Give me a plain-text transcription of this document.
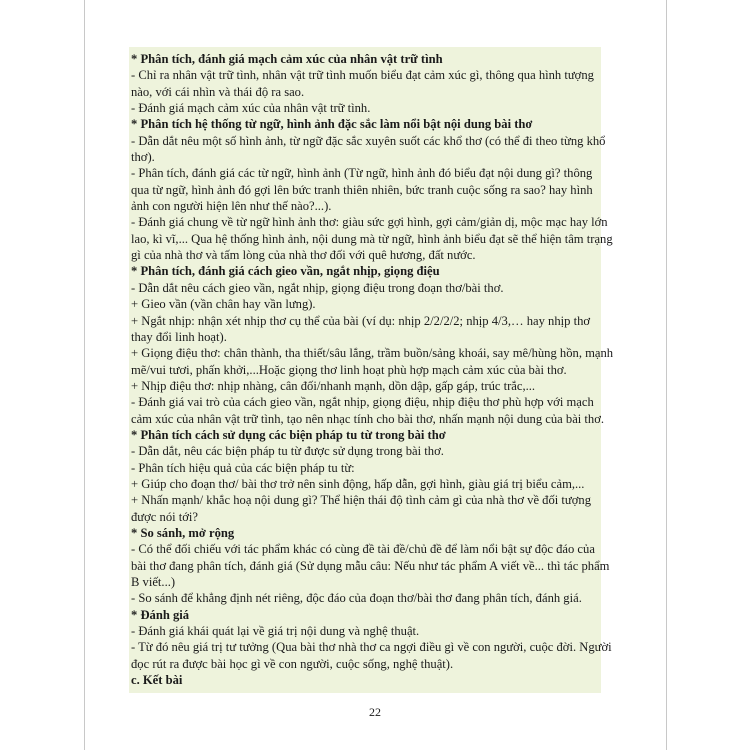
* Phân tích, đánh giá mạch cảm xúc của nhân vật trữ tình
- Chỉ ra nhân vật trữ tình, nhân vật trữ tình muốn biểu đạt cảm xúc gì, thông qua hình tượng
nào, với cái nhìn và thái độ ra sao.
- Đánh giá mạch cảm xúc của nhân vật trữ tình.
* Phân tích hệ thống từ ngữ, hình ảnh đặc sắc làm nổi bật nội dung bài thơ
- Dẫn dắt nêu một số hình ảnh, từ ngữ đặc sắc xuyên suốt các khổ thơ (có thể đi theo từng khổ
thơ).
- Phân tích, đánh giá các từ ngữ, hình ảnh (Từ ngữ, hình ảnh đó biểu đạt nội dung gì? thông
qua từ ngữ, hình ảnh đó gợi lên bức tranh thiên nhiên, bức tranh cuộc sống ra sao? hay hình
ảnh con người hiện lên như thế nào?...).
- Đánh giá chung về từ ngữ hình ảnh thơ: giàu sức gợi hình, gợi cảm/giản dị, mộc mạc hay lớn
lao, kì vĩ,... Qua hệ thống hình ảnh, nội dung mà từ ngữ, hình ảnh biểu đạt sẽ thể hiện tâm trạng
gì của nhà thơ và tấm lòng của nhà thơ đối với quê hương, đất nước.
* Phân tích, đánh giá cách gieo vần, ngắt nhịp, giọng điệu
- Dẫn dắt nêu cách gieo vần, ngắt nhịp, giọng điệu trong đoạn thơ/bài thơ.
+ Gieo vần (vần chân hay vần lưng).
+ Ngắt nhịp: nhận xét nhịp thơ cụ thể của bài (ví dụ: nhịp 2/2/2/2; nhịp 4/3,… hay nhịp thơ
thay đổi linh hoạt).
+ Giọng điệu thơ: chân thành, tha thiết/sâu lắng, trầm buồn/sảng khoái, say mê/hùng hồn, mạnh
mẽ/vui tươi, phấn khởi,...Hoặc giọng thơ linh hoạt phù hợp mạch cảm xúc của bài thơ.
+ Nhịp điệu thơ: nhịp nhàng, cân đối/nhanh mạnh, dồn dập, gấp gáp, trúc trắc,...
- Đánh giá vai trò của cách gieo vần, ngắt nhịp, giọng điệu, nhịp điệu thơ phù hợp với mạch
cảm xúc của nhân vật trữ tình, tạo nên nhạc tính cho bài thơ, nhấn mạnh nội dung của bài thơ.
* Phân tích cách sử dụng các biện pháp tu từ trong bài thơ
- Dẫn dắt, nêu các biện pháp tu từ được sử dụng trong bài thơ.
- Phân tích hiệu quả của các biện pháp tu từ:
+ Giúp cho đoạn thơ/ bài thơ trở nên sinh động, hấp dẫn, gợi hình, giàu giá trị biểu cảm,...
+ Nhấn mạnh/ khắc hoạ nội dung gì? Thể hiện thái độ tình cảm gì của nhà thơ về đối tượng
được nói tới?
* So sánh, mở rộng
- Có thể đối chiếu với tác phẩm khác có cùng đề tài đề/chủ đề để làm nổi bật sự độc đáo của
bài thơ đang phân tích, đánh giá (Sử dụng mẫu câu: Nếu như tác phẩm A viết về... thì tác phẩm
B viết...)
- So sánh để khẳng định nét riêng, độc đáo của đoạn thơ/bài thơ đang phân tích, đánh giá.
* Đánh giá
- Đánh giá khái quát lại về giá trị nội dung và nghệ thuật.
- Từ đó nêu giá trị tư tưởng (Qua bài thơ nhà thơ ca ngợi điều gì về con người, cuộc đời. Người
đọc rút ra được bài học gì về con người, cuộc sống, nghệ thuật).
c. Kết bài
22
